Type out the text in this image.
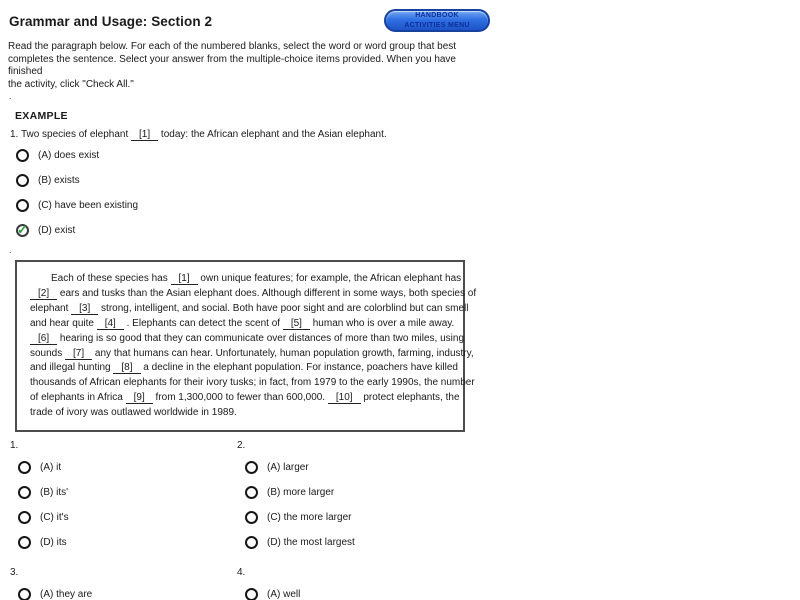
Grammar and Usage: Section 2	HANDBOOK
ACTIVITIES MENU
Read the paragraph below. For each of the numbered blanks, select the word or word group that best
completes the sentence. Select your answer from the multiple-choice items provided. When you have finished
the activity, click "Check All."
.
EXAMPLE
1. Two species of elephant [1] today: the African elephant and the Asian elephant.
(A) does exist
(B) exists
(C) have been existing
✓ (D) exist
.
Each of these species has [1] own unique features; for example, the African elephant has
[2] ears and tusks than the Asian elephant does. Although different in some ways, both species of
elephant [3] strong, intelligent, and social. Both have poor sight and are colorblind but can smell
and hear quite [4] . Elephants can detect the scent of [5] human who is over a mile away.
[6] hearing is so good that they can communicate over distances of more than two miles, using
sounds [7] any that humans can hear. Unfortunately, human population growth, farming, industry,
and illegal hunting [8] a decline in the elephant population. For instance, poachers have killed
thousands of African elephants for their ivory tusks; in fact, from 1979 to the early 1990s, the number
of elephants in Africa [9] from 1,300,000 to fewer than 600,000. [10] protect elephants, the
trade of ivory was outlawed worldwide in 1989.
1.
(A) it
(B) its'
(C) it's
(D) its
2.
(A) larger
(B) more larger
(C) the more larger
(D) the most largest
3.
(A) they are
4.
(A) well
